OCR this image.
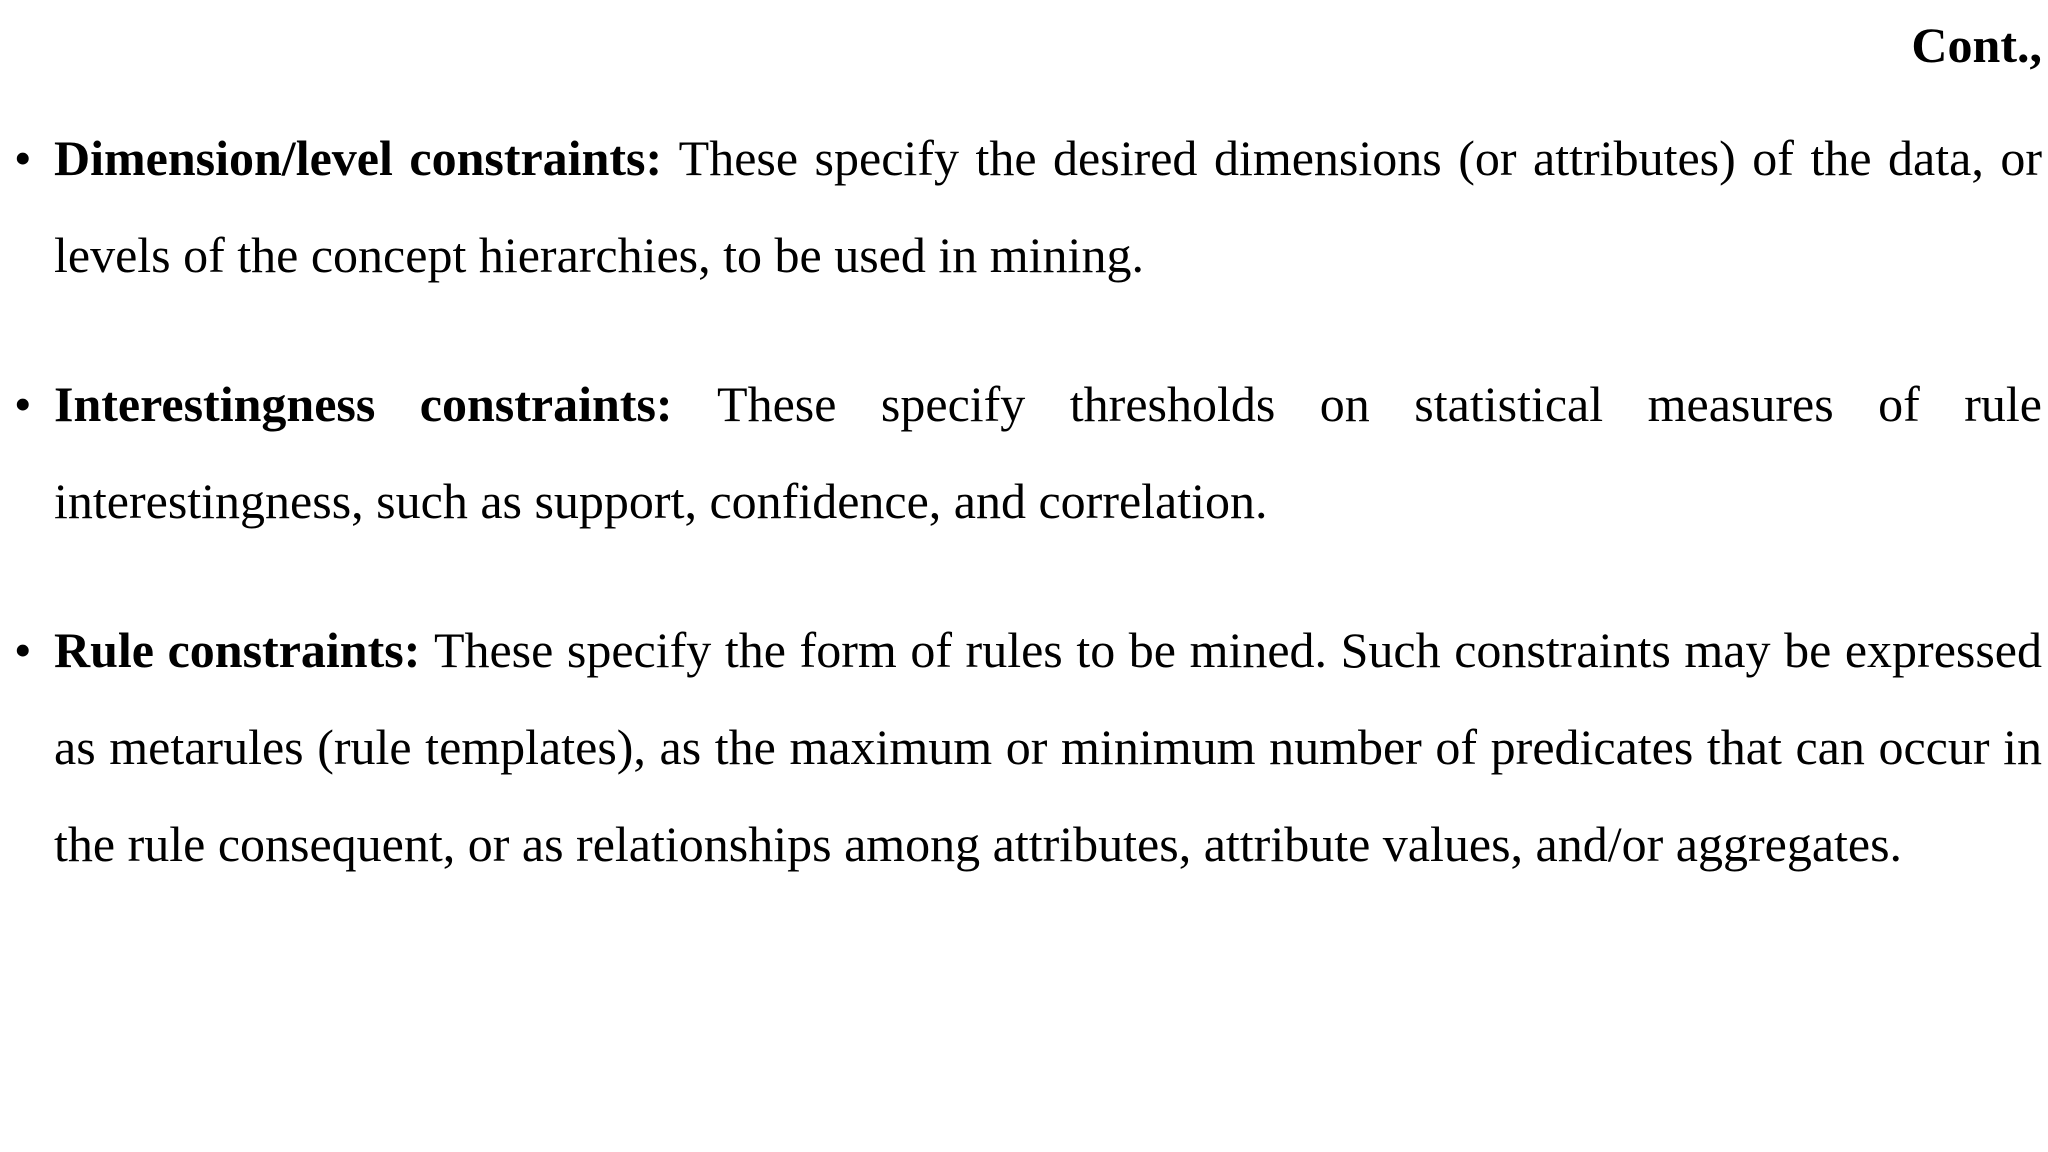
Cont.,
• Dimension/level constraints: These specify the desired dimensions (or attributes) of the data, or levels of the concept hierarchies, to be used in mining.
• Interestingness constraints: These specify thresholds on statistical measures of rule interestingness, such as support, confidence, and correlation.
• Rule constraints: These specify the form of rules to be mined. Such constraints may be expressed as metarules (rule templates), as the maximum or minimum number of predicates that can occur in the rule consequent, or as relationships among attributes, attribute values, and/or aggregates.
